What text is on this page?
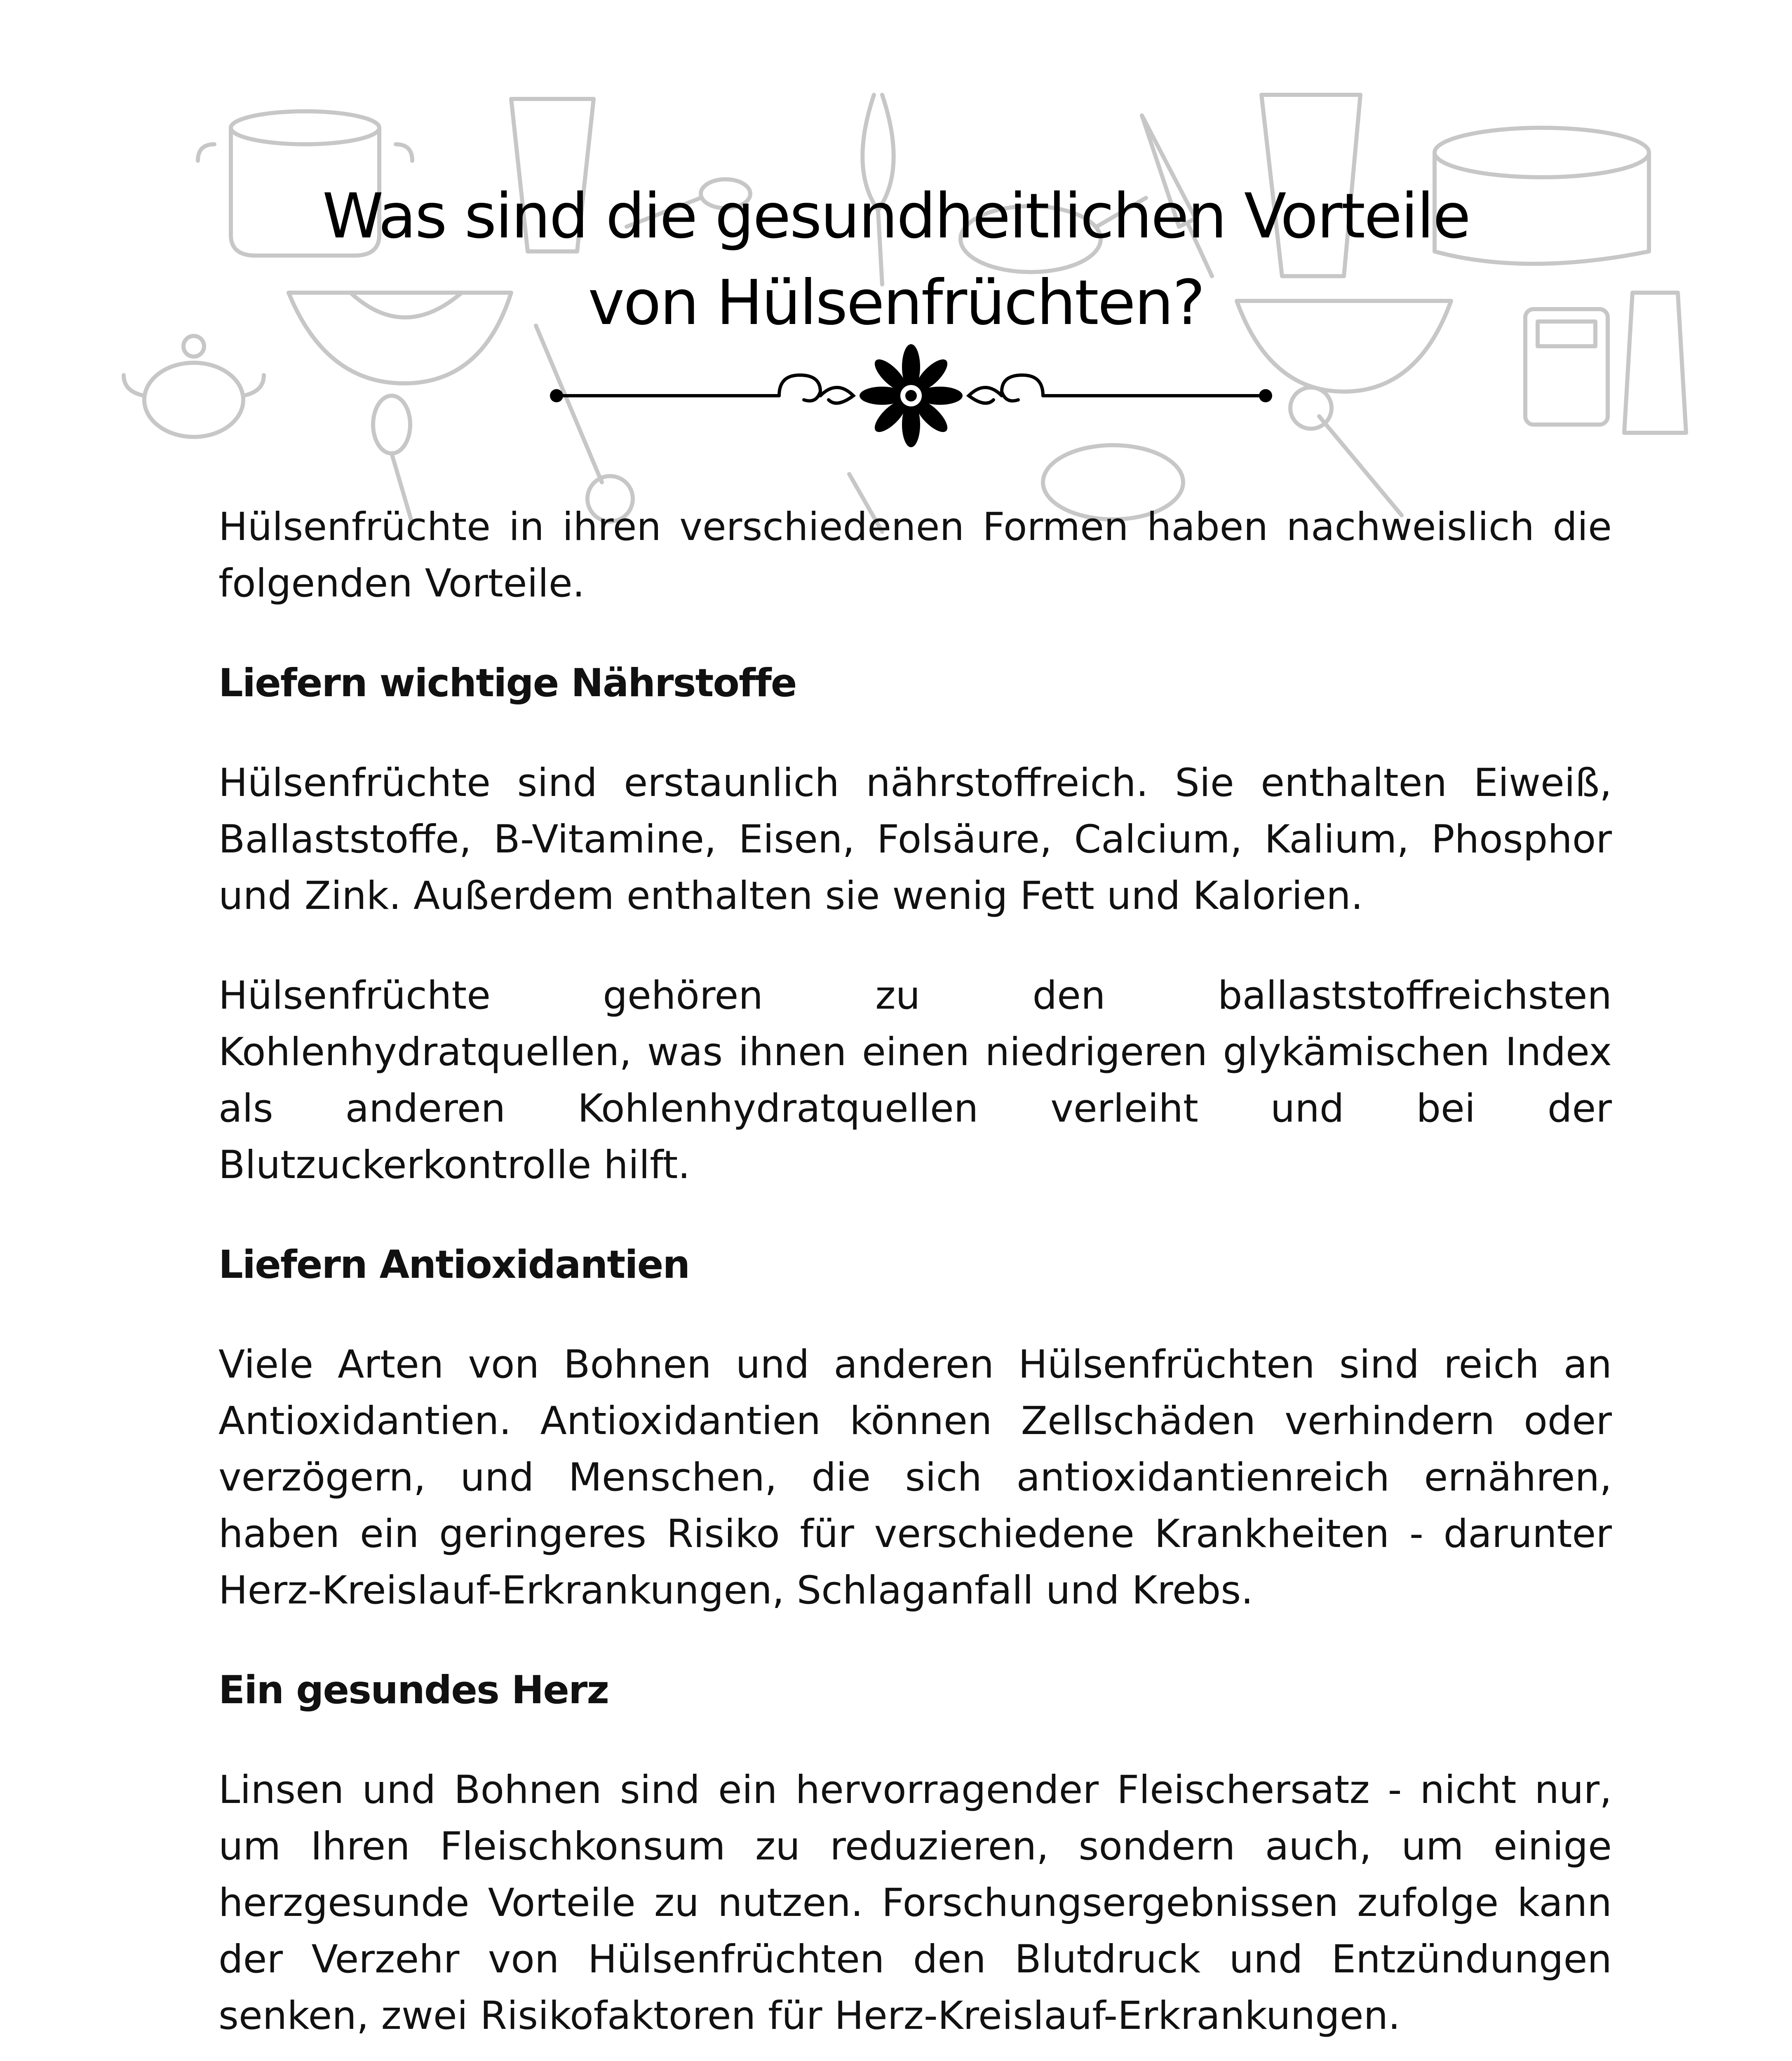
Was sind die gesundheitlichen Vorteile
von Hülsenfrüchten?

Hülsenfrüchte in ihren verschiedenen Formen haben nachweislich die folgenden Vorteile.

Liefern wichtige Nährstoffe

Hülsenfrüchte sind erstaunlich nährstoffreich. Sie enthalten Eiweiß, Ballaststoffe, B-Vitamine, Eisen, Folsäure, Calcium, Kalium, Phosphor und Zink. Außerdem enthalten sie wenig Fett und Kalorien.

Hülsenfrüchte gehören zu den ballaststoffreichsten Kohlenhydratquellen, was ihnen einen niedrigeren glykämischen Index als anderen Kohlenhydratquellen verleiht und bei der Blutzuckerkontrolle hilft.

Liefern Antioxidantien

Viele Arten von Bohnen und anderen Hülsenfrüchten sind reich an Antioxidantien. Antioxidantien können Zellschäden verhindern oder verzögern, und Menschen, die sich antioxidantienreich ernähren, haben ein geringeres Risiko für verschiedene Krankheiten - darunter Herz-Kreislauf-Erkrankungen, Schlaganfall und Krebs.

Ein gesundes Herz

Linsen und Bohnen sind ein hervorragender Fleischersatz - nicht nur, um Ihren Fleischkonsum zu reduzieren, sondern auch, um einige herzgesunde Vorteile zu nutzen. Forschungsergebnissen zufolge kann der Verzehr von Hülsenfrüchten den Blutdruck und Entzündungen senken, zwei Risikofaktoren für Herz-Kreislauf-Erkrankungen.
